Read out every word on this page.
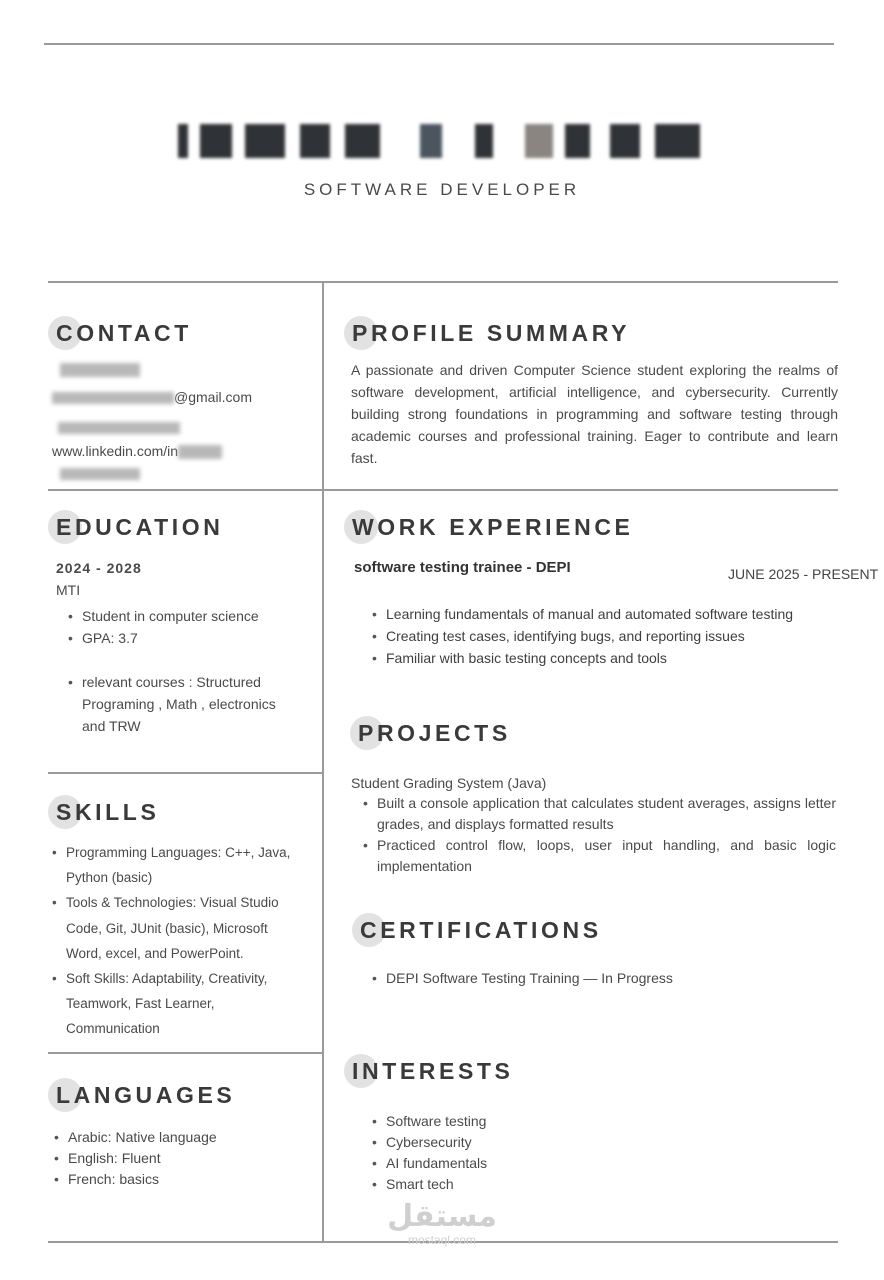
SOFTWARE DEVELOPER
CONTACT
@gmail.com
www.linkedin.com/in
PROFILE SUMMARY
A passionate and driven Computer Science student exploring the realms of software development, artificial intelligence, and cybersecurity. Currently building strong foundations in programming and software testing through academic courses and professional training. Eager to contribute and learn fast.
EDUCATION
2024 - 2028
MTI
• Student in computer science
• GPA: 3.7
• relevant courses : Structured Programing , Math , electronics and TRW
SKILLS
• Programming Languages: C++, Java, Python (basic)
• Tools & Technologies: Visual Studio Code, Git, JUnit (basic), Microsoft Word, excel, and PowerPoint.
• Soft Skills: Adaptability, Creativity, Teamwork, Fast Learner, Communication
LANGUAGES
• Arabic: Native language
• English: Fluent
• French: basics
WORK EXPERIENCE
software testing trainee - DEPI	JUNE 2025 - PRESENT
• Learning fundamentals of manual and automated software testing
• Creating test cases, identifying bugs, and reporting issues
• Familiar with basic testing concepts and tools
PROJECTS
Student Grading System (Java)
• Built a console application that calculates student averages, assigns letter grades, and displays formatted results
• Practiced control flow, loops, user input handling, and basic logic implementation
CERTIFICATIONS
• DEPI Software Testing Training — In Progress
INTERESTS
• Software testing
• Cybersecurity
• AI fundamentals
• Smart tech
مستقل
mostaql.com
